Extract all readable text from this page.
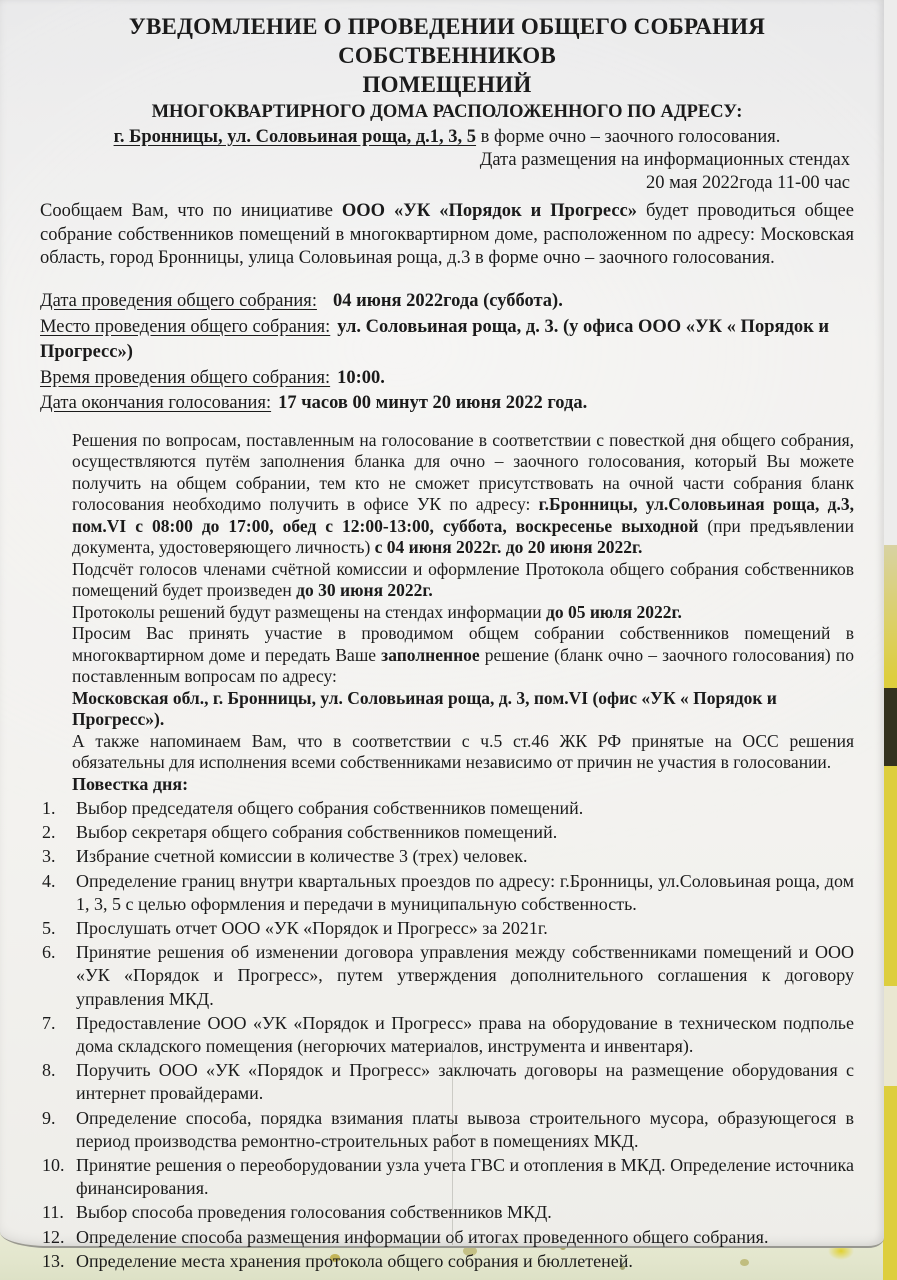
УВЕДОМЛЕНИЕ О ПРОВЕДЕНИИ ОБЩЕГО СОБРАНИЯ СОБСТВЕННИКОВ
ПОМЕЩЕНИЙ
МНОГОКВАРТИРНОГО ДОМА РАСПОЛОЖЕННОГО ПО АДРЕСУ:
г. Бронницы, ул. Соловьиная роща, д.1, 3, 5 в форме очно – заочного голосования.
Дата размещения на информационных стендах
20 мая 2022года 11-00 час

Сообщаем Вам, что по инициативе ООО «УК «Порядок и Прогресс» будет проводиться общее собрание собственников помещений в многоквартирном доме, расположенном по адресу: Московская область, город Бронницы, улица Соловьиная роща, д.3 в форме очно – заочного голосования.

Дата проведения общего собрания: 04 июня 2022года (суббота).
Место проведения общего собрания: ул. Соловьиная роща, д. 3. (у офиса ООО «УК « Порядок и Прогресс»)
Время проведения общего собрания: 10:00.
Дата окончания голосования: 17 часов 00 минут 20 июня 2022 года.

Решения по вопросам, поставленным на голосование в соответствии с повесткой дня общего собрания, осуществляются путём заполнения бланка для очно – заочного голосования, который Вы можете получить на общем собрании, тем кто не сможет присутствовать на очной части собрания бланк голосования необходимо получить в офисе УК по адресу: г.Бронницы, ул.Соловьиная роща, д.3, пом.VI с 08:00 до 17:00, обед с 12:00-13:00, суббота, воскресенье выходной (при предъявлении документа, удостоверяющего личность) с 04 июня 2022г. до 20 июня 2022г.

Подсчёт голосов членами счётной комиссии и оформление Протокола общего собрания собственников помещений будет произведен до 30 июня 2022г.

Протоколы решений будут размещены на стендах информации до 05 июля 2022г.

Просим Вас принять участие в проводимом общем собрании собственников помещений в многоквартирном доме и передать Ваше заполненное решение (бланк очно – заочного голосования) по поставленным вопросам по адресу:

Московская обл., г. Бронницы, ул. Соловьиная роща, д. 3, пом.VI (офис «УК « Порядок и Прогресс»).

А также напоминаем Вам, что в соответствии с ч.5 ст.46 ЖК РФ принятые на ОСС решения обязательны для исполнения всеми собственниками независимо от причин не участия в голосовании.

Повестка дня:

Выбор председателя общего собрания собственников помещений.
Выбор секретаря общего собрания собственников помещений.
Избрание счетной комиссии в количестве 3 (трех) человек.
Определение границ внутри квартальных проездов по адресу: г.Бронницы, ул.Соловьиная роща, дом 1, 3, 5 с целью оформления и передачи в муниципальную собственность.
Прослушать отчет ООО «УК «Порядок и Прогресс» за 2021г.
Принятие решения об изменении договора управления между собственниками помещений и ООО «УК «Порядок и Прогресс», путем утверждения дополнительного соглашения к договору управления МКД.
Предоставление ООО «УК «Порядок и Прогресс» права на оборудование в техническом подполье дома складского помещения (негорючих материалов, инструмента и инвентаря).
Поручить ООО «УК «Порядок и Прогресс» заключать договоры на размещение оборудования с интернет провайдерами.
Определение способа, порядка взимания платы вывоза строительного мусора, образующегося в период производства ремонтно-строительных работ в помещениях МКД.
Принятие решения о переоборудовании узла учета ГВС и отопления в МКД. Определение источника финансирования.
Выбор способа проведения голосования собственников МКД.
Определение способа размещения информации об итогах проведенного общего собрания.
Определение места хранения протокола общего собрания и бюллетеней.
